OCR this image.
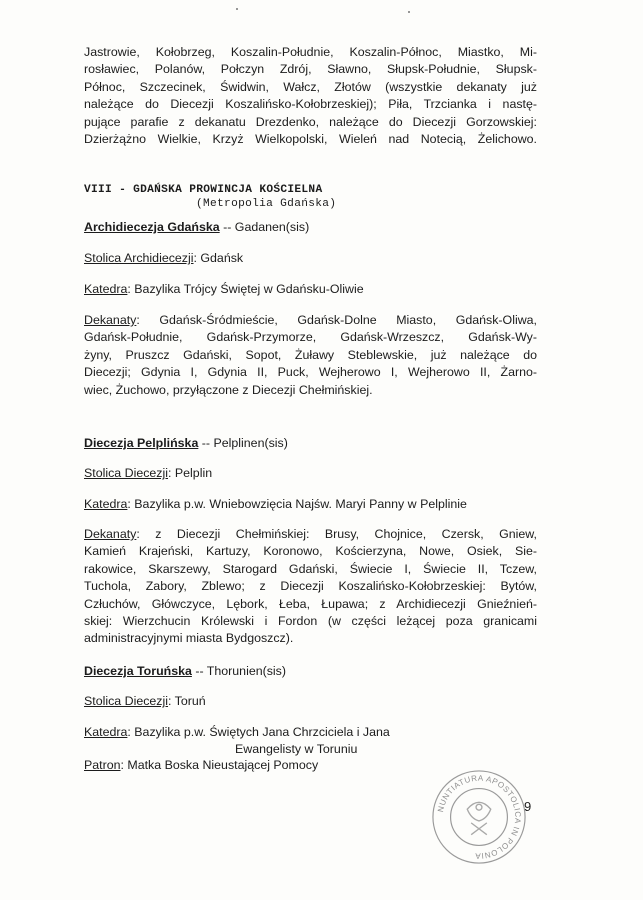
Jastrowie, Kołobrzeg, Koszalin-Południe, Koszalin-Północ, Miastko, Mi-
rosławiec, Polanów, Połczyn Zdrój, Sławno, Słupsk-Południe, Słupsk-
Północ, Szczecinek, Świdwin, Wałcz, Złotów (wszystkie dekanaty już
należące do Diecezji Koszalińsko-Kołobrzeskiej); Piła, Trzcianka i nastę-
pujące parafie z dekanatu Drezdenko, należące do Diecezji Gorzowskiej:
Dzierżążno Wielkie, Krzyż Wielkopolski, Wieleń nad Notecią, Żelichowo.
VIII - GDAŃSKA PROWINCJA KOŚCIELNA
(Metropolia Gdańska)
Archidiecezja Gdańska -- Gadanen(sis)
Stolica Archidiecezji: Gdańsk
Katedra: Bazylika Trójcy Świętej w Gdańsku-Oliwie
Dekanaty: Gdańsk-Śródmieście, Gdańsk-Dolne Miasto, Gdańsk-Oliwa,
Gdańsk-Południe, Gdańsk-Przymorze, Gdańsk-Wrzeszcz, Gdańsk-Wy-
żyny, Pruszcz Gdański, Sopot, Żuławy Steblewskie, już należące do
Diecezji; Gdynia I, Gdynia II, Puck, Wejherowo I, Wejherowo II, Żarno-
wiec, Żuchowo, przyłączone z Diecezji Chełmińskiej.
Diecezja Pelplińska -- Pelplinen(sis)
Stolica Diecezji: Pelplin
Katedra: Bazylika p.w. Wniebowzięcia Najśw. Maryi Panny w Pelplinie
Dekanaty: z Diecezji Chełmińskiej: Brusy, Chojnice, Czersk, Gniew,
Kamień Krajeński, Kartuzy, Koronowo, Kościerzyna, Nowe, Osiek, Sie-
rakowice, Skarszewy, Starogard Gdański, Świecie I, Świecie II, Tczew,
Tuchola, Zabory, Zblewo; z Diecezji Koszalińsko-Kołobrzeskiej: Bytów,
Człuchów, Główczyce, Lębork, Łeba, Łupawa; z Archidiecezji Gnieźnień-
skiej: Wierzchucin Królewski i Fordon (w części leżącej poza granicami
administracyjnymi miasta Bydgoszcz).
Diecezja Toruńska -- Thorunien(sis)
Stolica Diecezji: Toruń
Katedra: Bazylika p.w. Świętych Jana Chrzciciela i Jana
Ewangelisty w Toruniu
Patron: Matka Boska Nieustającej Pomocy
NUNTIATURA APOSTOLICA IN POLONIA
9
